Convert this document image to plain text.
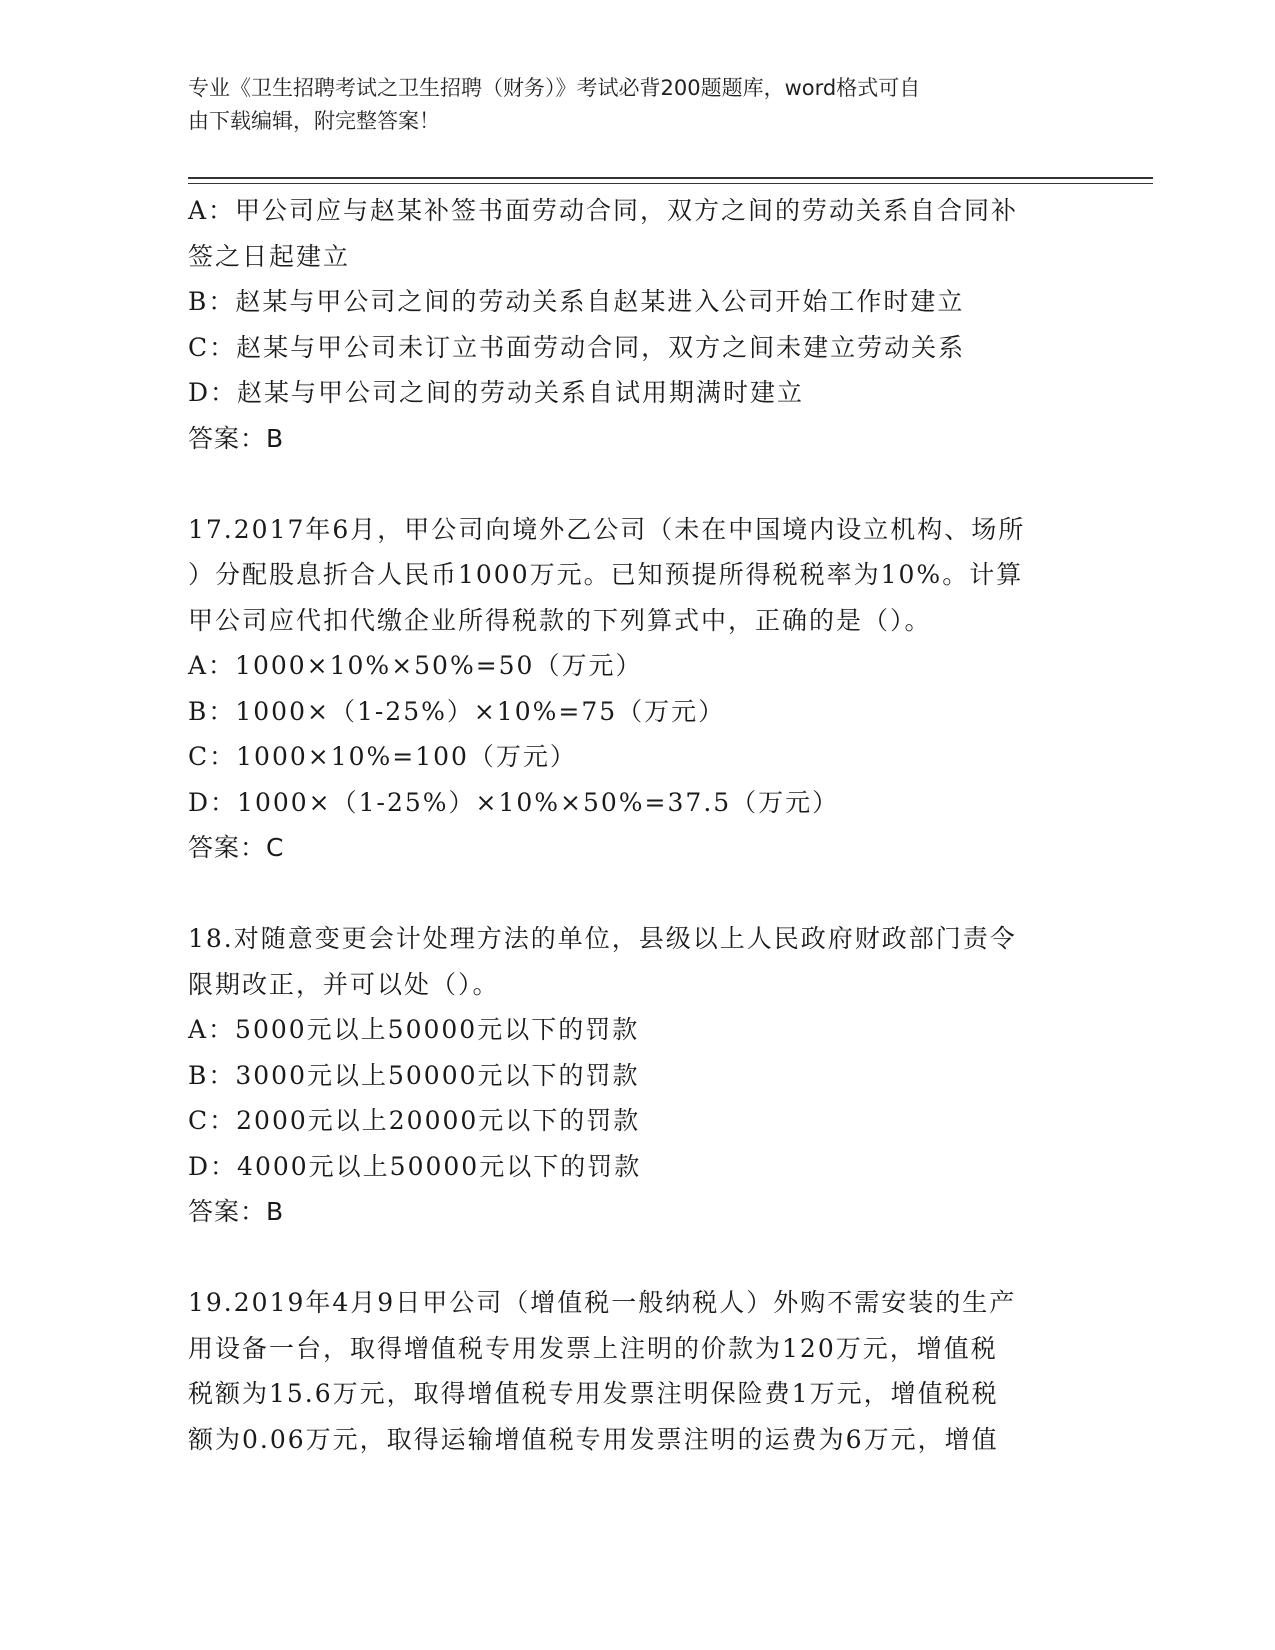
专业《卫生招聘考试之卫生招聘（财务）》考试必背200题题库，word格式可自
由下载编辑，附完整答案！
A：甲公司应与赵某补签书面劳动合同，双方之间的劳动关系自合同补
签之日起建立
B：赵某与甲公司之间的劳动关系自赵某进入公司开始工作时建立
C：赵某与甲公司未订立书面劳动合同，双方之间未建立劳动关系
D：赵某与甲公司之间的劳动关系自试用期满时建立
答案：B
17.2017年6月，甲公司向境外乙公司（未在中国境内设立机构、场所
）分配股息折合人民币1000万元。已知预提所得税税率为10%。计算
甲公司应代扣代缴企业所得税款的下列算式中，正确的是（）。
A：1000×10%×50%=50（万元）
B：1000×（1-25%）×10%=75（万元）
C：1000×10%=100（万元）
D：1000×（1-25%）×10%×50%=37.5（万元）
答案：C
18.对随意变更会计处理方法的单位，县级以上人民政府财政部门责令
限期改正，并可以处（）。
A：5000元以上50000元以下的罚款
B：3000元以上50000元以下的罚款
C：2000元以上20000元以下的罚款
D：4000元以上50000元以下的罚款
答案：B
19.2019年4月9日甲公司（增值税一般纳税人）外购不需安装的生产
用设备一台，取得增值税专用发票上注明的价款为120万元，增值税
税额为15.6万元，取得增值税专用发票注明保险费1万元，增值税税
额为0.06万元，取得运输增值税专用发票注明的运费为6万元，增值
